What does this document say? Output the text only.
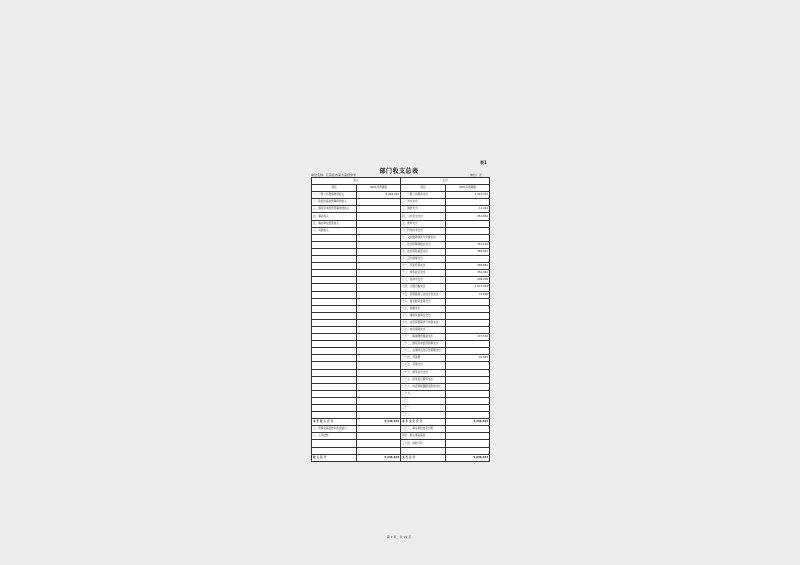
表1
部门收支总表
单位名称：瓦房店市第九高级中学	单位：元
收入		支出	
项目	2021年预算数	项目	2021年预算数
一、一般公共预算拨款收入	5,246,443	一、一般公共服务支出	2,421,337
二、政府性基金预算拨款收入		二、外交支出	
三、国有资本经营预算拨款收入		三、国防支出	11,441
四、事业收入		四、公共安全支出	251,861
五、事业单位经营收入		五、教育支出	
六、其他收入		六、科学技术支出	
		七、文化旅游体育与传媒支出	
		八、社会保障和就业支出	351,140
		九、社会保险基金支出	485,951
		十、卫生健康支出	
		十一、节能环保支出	285,861
		十二、城乡社区支出	351,961
		十三、农林水支出	206,236
		十四、交通运输支出	1,071,924
		十五、资源勘探工业信息等支出	74,894
		十六、商业服务业等支出	
		十七、金融支出	
		十八、援助其他地区支出	
		十九、自然资源海洋气象等支出	
		二十、住房保障支出	
		二十一、粮油物资储备支出	177,532
		二十二、国有资本经营预算支出	
		二十三、灾害防治及应急管理支出	
		二十四、预备费	91,845
		二十五、其他支出	
		二十六、债务付息支出	
		二十七、债务发行费用支出	
		二十八、抗疫特别国债安排的支出	
		二十九、	
		三十、	
		三十一、	
		三十二、	
本 年 收 入 合 计	5,246,443	本 年 支 出 合 计	5,246,443
七、用事业基金弥补收支缺口		三十三、事业单位结余分配	
八、上年结转		其中：转入事业基金	
		三十四、结转下年	

收 入 总 计	5,246,443	支 出 总 计	5,246,443
第 1 页，共 19 页
